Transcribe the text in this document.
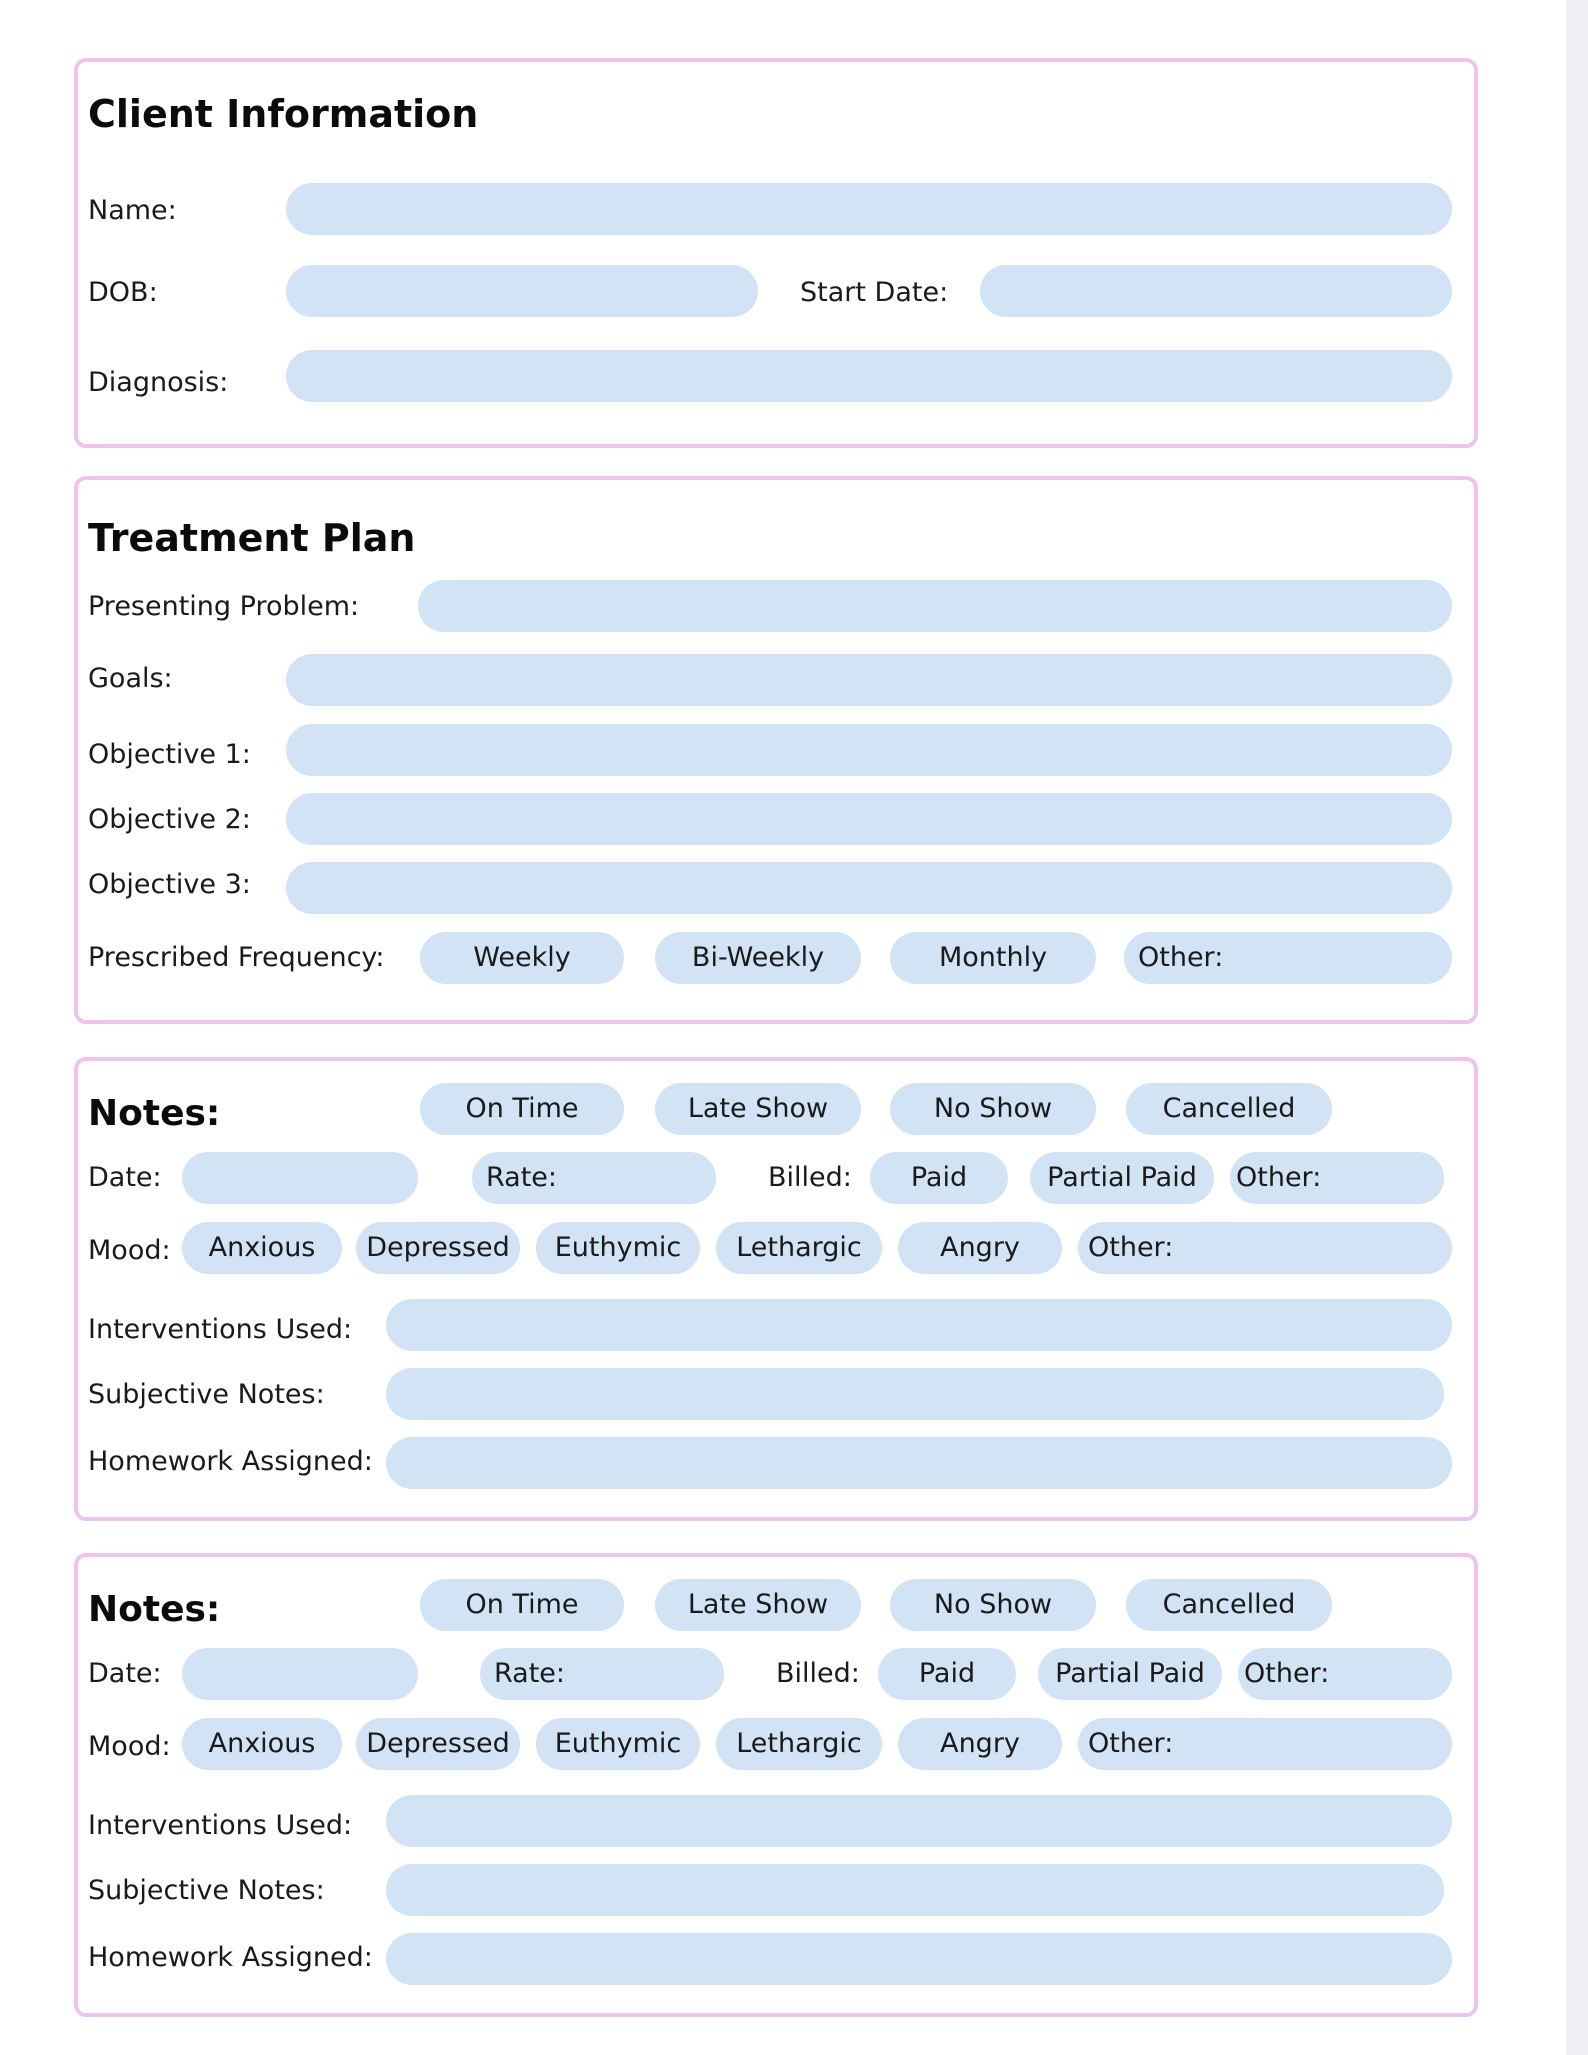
Client Information
Name:
DOB:	Start Date:
Diagnosis:
Treatment Plan
Presenting Problem:
Goals:
Objective 1:
Objective 2:
Objective 3:
Prescribed Frequency:	Weekly	Bi-Weekly	Monthly	Other:
Notes:	On Time	Late Show	No Show	Cancelled
Date:	Rate:	Billed:	Paid	Partial Paid	Other:
Mood:	Anxious	Depressed	Euthymic	Lethargic	Angry	Other:
Interventions Used:
Subjective Notes:
Homework Assigned:
Notes:	On Time	Late Show	No Show	Cancelled
Date:	Rate:	Billed:	Paid	Partial Paid	Other:
Mood:	Anxious	Depressed	Euthymic	Lethargic	Angry	Other:
Interventions Used:
Subjective Notes:
Homework Assigned:
